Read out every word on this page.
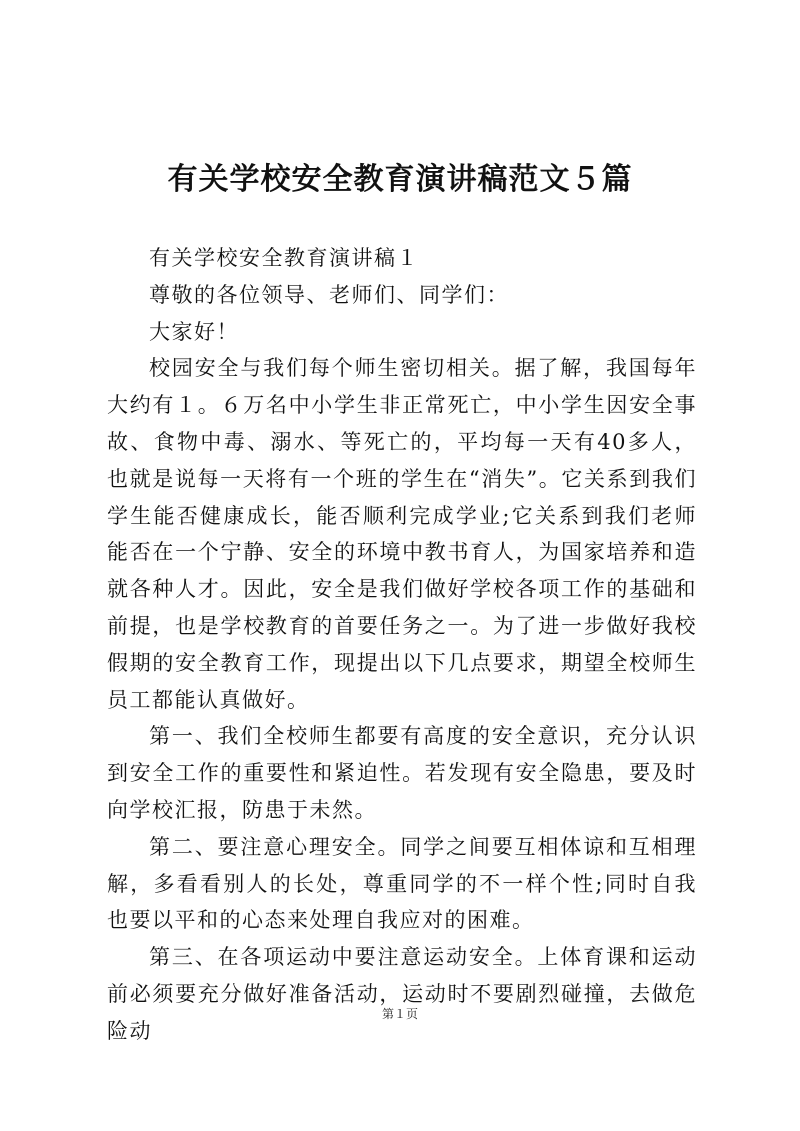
有关学校安全教育演讲稿范文５篇

有关学校安全教育演讲稿１

尊敬的各位领导、老师们、同学们：

大家好！

校园安全与我们每个师生密切相关。据了解，我国每年大约有１。６万名中小学生非正常死亡，中小学生因安全事故、食物中毒、溺水、等死亡的，平均每一天有40多人，也就是说每一天将有一个班的学生在“消失”。它关系到我们学生能否健康成长，能否顺利完成学业;它关系到我们老师能否在一个宁静、安全的环境中教书育人，为国家培养和造就各种人才。因此，安全是我们做好学校各项工作的基础和前提，也是学校教育的首要任务之一。为了进一步做好我校假期的安全教育工作，现提出以下几点要求，期望全校师生员工都能认真做好。

第一、我们全校师生都要有高度的安全意识，充分认识到安全工作的重要性和紧迫性。若发现有安全隐患，要及时向学校汇报，防患于未然。

第二、要注意心理安全。同学之间要互相体谅和互相理解，多看看别人的长处，尊重同学的不一样个性;同时自我也要以平和的心态来处理自我应对的困难。

第三、在各项运动中要注意运动安全。上体育课和运动前必须要充分做好准备活动，运动时不要剧烈碰撞，去做危险动

第１页
